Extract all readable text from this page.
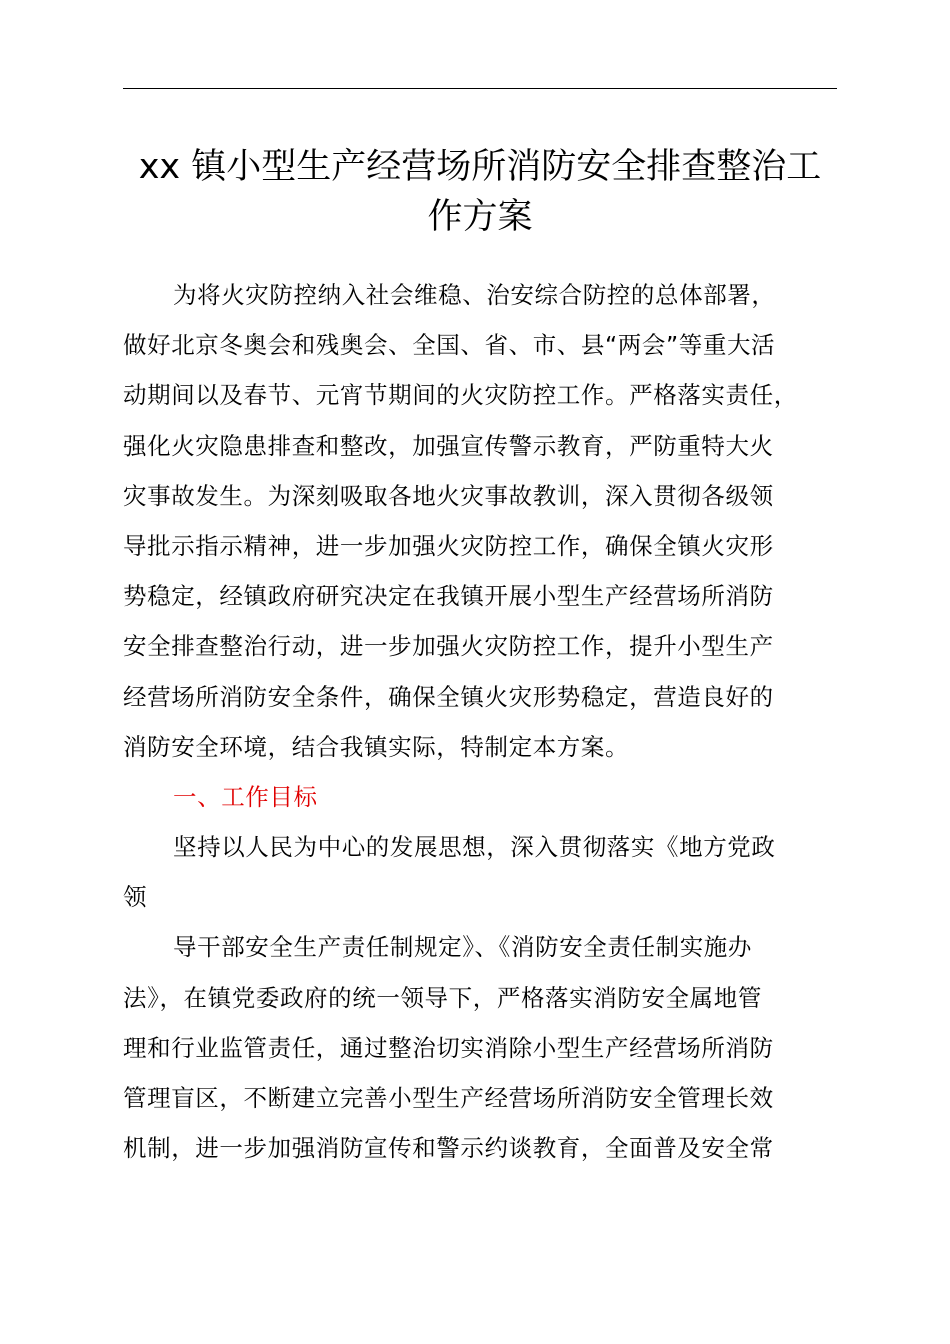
xx 镇小型生产经营场所消防安全排查整治工
作方案
为将火灾防控纳入社会维稳、治安综合防控的总体部署，
做好北京冬奥会和残奥会、全国、省、市、县“两会”等重大活
动期间以及春节、元宵节期间的火灾防控工作。严格落实责任，
强化火灾隐患排查和整改，加强宣传警示教育，严防重特大火
灾事故发生。为深刻吸取各地火灾事故教训，深入贯彻各级领
导批示指示精神，进一步加强火灾防控工作，确保全镇火灾形
势稳定，经镇政府研究决定在我镇开展小型生产经营场所消防
安全排查整治行动，进一步加强火灾防控工作，提升小型生产
经营场所消防安全条件，确保全镇火灾形势稳定，营造良好的
消防安全环境，结合我镇实际，特制定本方案。
一、工作目标
坚持以人民为中心的发展思想，深入贯彻落实《地方党政
领
导干部安全生产责任制规定》、《消防安全责任制实施办
法》，在镇党委政府的统一领导下，严格落实消防安全属地管
理和行业监管责任，通过整治切实消除小型生产经营场所消防
管理盲区，不断建立完善小型生产经营场所消防安全管理长效
机制，进一步加强消防宣传和警示约谈教育，全面普及安全常
